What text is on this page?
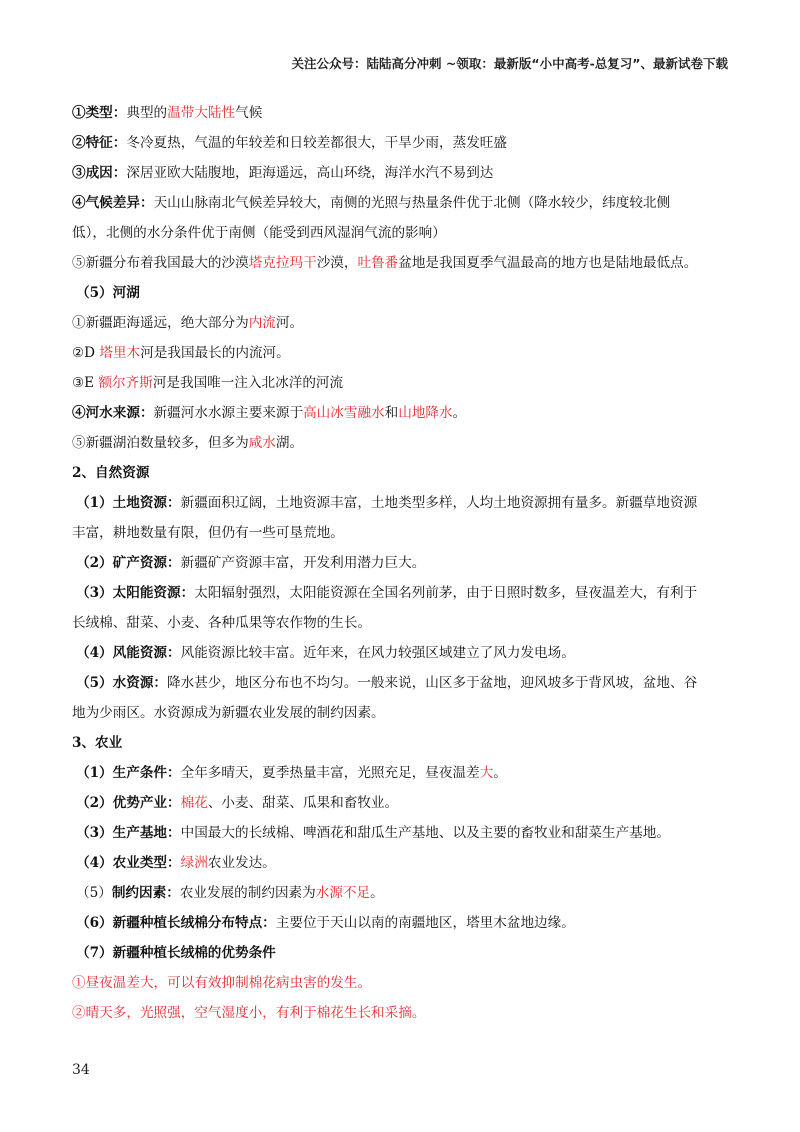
关注公众号：陆陆高分冲刺 ~领取：最新版“小中高考-总复习”、最新试卷下载
①类型：典型的温带大陆性气候
②特征：冬冷夏热，气温的年较差和日较差都很大，干旱少雨，蒸发旺盛
③成因：深居亚欧大陆腹地，距海遥远，高山环绕，海洋水汽不易到达
④气候差异：天山山脉南北气候差异较大，南侧的光照与热量条件优于北侧（降水较少，纬度较北侧
低），北侧的水分条件优于南侧（能受到西风湿润气流的影响）
⑤新疆分布着我国最大的沙漠塔克拉玛干沙漠，吐鲁番盆地是我国夏季气温最高的地方也是陆地最低点。
（5）河湖
①新疆距海遥远，绝大部分为内流河。
②D 塔里木河是我国最长的内流河。
③E 额尔齐斯河是我国唯一注入北冰洋的河流
④河水来源：新疆河水水源主要来源于高山冰雪融水和山地降水。
⑤新疆湖泊数量较多，但多为咸水湖。
2、自然资源
（1）土地资源：新疆面积辽阔，土地资源丰富，土地类型多样，人均土地资源拥有量多。新疆草地资源
丰富，耕地数量有限，但仍有一些可垦荒地。
（2）矿产资源：新疆矿产资源丰富，开发利用潜力巨大。
（3）太阳能资源：太阳辐射强烈，太阳能资源在全国名列前茅，由于日照时数多，昼夜温差大，有利于
长绒棉、甜菜、小麦、各种瓜果等农作物的生长。
（4）风能资源：风能资源比较丰富。近年来，在风力较强区域建立了风力发电场。
（5）水资源：降水甚少，地区分布也不均匀。一般来说，山区多于盆地，迎风坡多于背风坡，盆地、谷
地为少雨区。水资源成为新疆农业发展的制约因素。
3、农业
（1）生产条件：全年多晴天，夏季热量丰富，光照充足，昼夜温差大。
（2）优势产业：棉花、小麦、甜菜、瓜果和畜牧业。
（3）生产基地：中国最大的长绒棉、啤酒花和甜瓜生产基地、以及主要的畜牧业和甜菜生产基地。
（4）农业类型：绿洲农业发达。
（5）制约因素：农业发展的制约因素为水源不足。
（6）新疆种植长绒棉分布特点：主要位于天山以南的南疆地区，塔里木盆地边缘。
（7）新疆种植长绒棉的优势条件
①昼夜温差大，可以有效抑制棉花病虫害的发生。
②晴天多，光照强，空气湿度小，有利于棉花生长和采摘。
34
